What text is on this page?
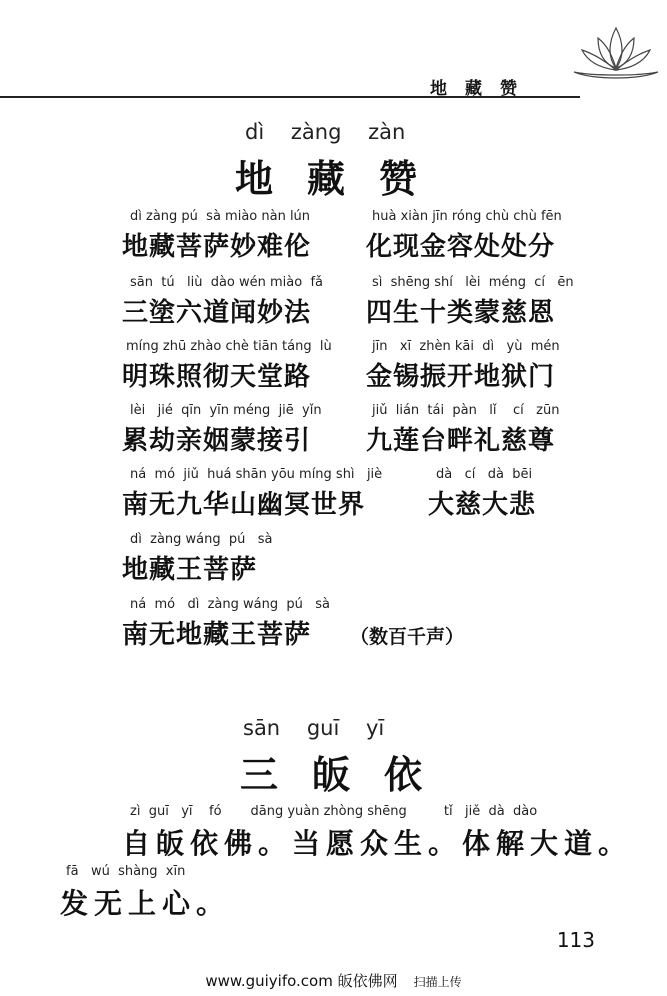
地藏赞
dì    zàng    zàn
地藏赞
dì zàng pú  sà miào nàn lún
地藏菩萨妙难伦
huà xiàn jīn róng chù chù fēn
化现金容处处分
sān  tú   liù  dào wén miào  fǎ
三塗六道闻妙法
sì  shēng shí   lèi  méng  cí   ēn
四生十类蒙慈恩
míng zhū zhào chè tiān táng  lù
明珠照彻天堂路
jīn   xī  zhèn kāi  dì   yù  mén
金锡振开地狱门
lèi   jié  qīn  yīn méng  jiē  yǐn
累劫亲姻蒙接引
jiǔ  lián  tái  pàn   lǐ    cí   zūn
九莲台畔礼慈尊
ná  mó  jiǔ  huá shān yōu míng shì   jiè
南无九华山幽冥世界
dà   cí   dà  bēi
大慈大悲
dì  zàng wáng  pú   sà
地藏王菩萨
ná  mó   dì  zàng wáng  pú   sà
南无地藏王菩萨 （数百千声）
sān    guī    yī
三皈依
zì  guī   yī    fó       dāng yuàn zhòng shēng         tǐ   jiě  dà  dào
自皈依佛。当愿众生。体解大道。
fā   wú  shàng  xīn
发无上心。
113
www.guiyifo.com 皈依佛网 扫描上传
